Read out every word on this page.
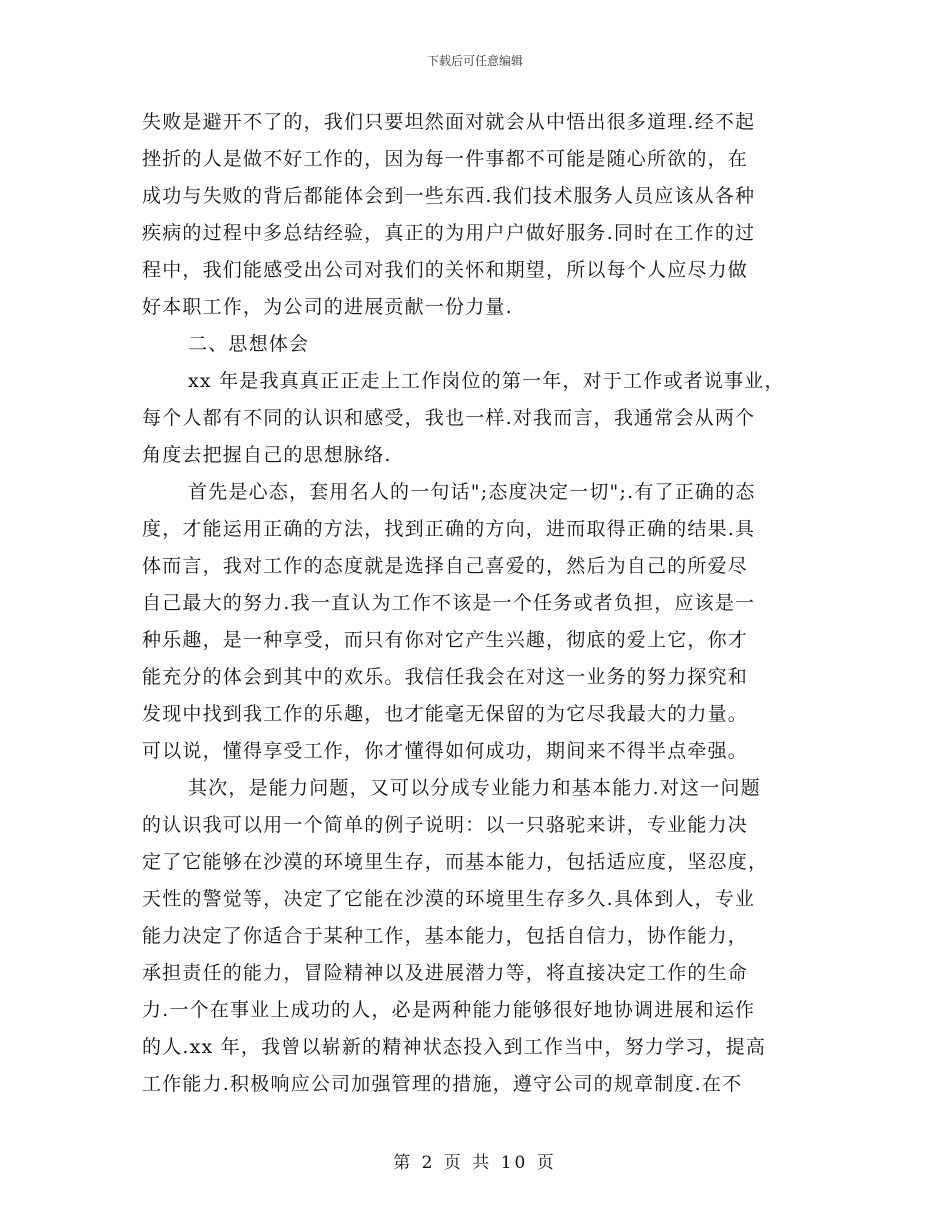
下载后可任意编辑
失败是避开不了的，我们只要坦然面对就会从中悟出很多道理.经不起
挫折的人是做不好工作的，因为每一件事都不可能是随心所欲的，在
成功与失败的背后都能体会到一些东西.我们技术服务人员应该从各种
疾病的过程中多总结经验，真正的为用户户做好服务.同时在工作的过
程中，我们能感受出公司对我们的关怀和期望，所以每个人应尽力做
好本职工作，为公司的进展贡献一份力量.
二、思想体会
xx 年是我真真正正走上工作岗位的第一年，对于工作或者说事业，
每个人都有不同的认识和感受，我也一样.对我而言，我通常会从两个
角度去把握自己的思想脉络.
首先是心态，套用名人的一句话";态度决定一切";.有了正确的态
度，才能运用正确的方法，找到正确的方向，进而取得正确的结果.具
体而言，我对工作的态度就是选择自己喜爱的，然后为自己的所爱尽
自己最大的努力.我一直认为工作不该是一个任务或者负担，应该是一
种乐趣，是一种享受，而只有你对它产生兴趣，彻底的爱上它，你才
能充分的体会到其中的欢乐。我信任我会在对这一业务的努力探究和
发现中找到我工作的乐趣，也才能毫无保留的为它尽我最大的力量。
可以说，懂得享受工作，你才懂得如何成功，期间来不得半点牵强。
其次，是能力问题，又可以分成专业能力和基本能力.对这一问题
的认识我可以用一个简单的例子说明：以一只骆驼来讲，专业能力决
定了它能够在沙漠的环境里生存，而基本能力，包括适应度，坚忍度，
天性的警觉等，决定了它能在沙漠的环境里生存多久.具体到人，专业
能力决定了你适合于某种工作，基本能力，包括自信力，协作能力，
承担责任的能力，冒险精神以及进展潜力等，将直接决定工作的生命
力.一个在事业上成功的人，必是两种能力能够很好地协调进展和运作
的人.xx 年，我曾以崭新的精神状态投入到工作当中，努力学习，提高
工作能力.积极响应公司加强管理的措施，遵守公司的规章制度.在不
第 2 页 共 10 页
